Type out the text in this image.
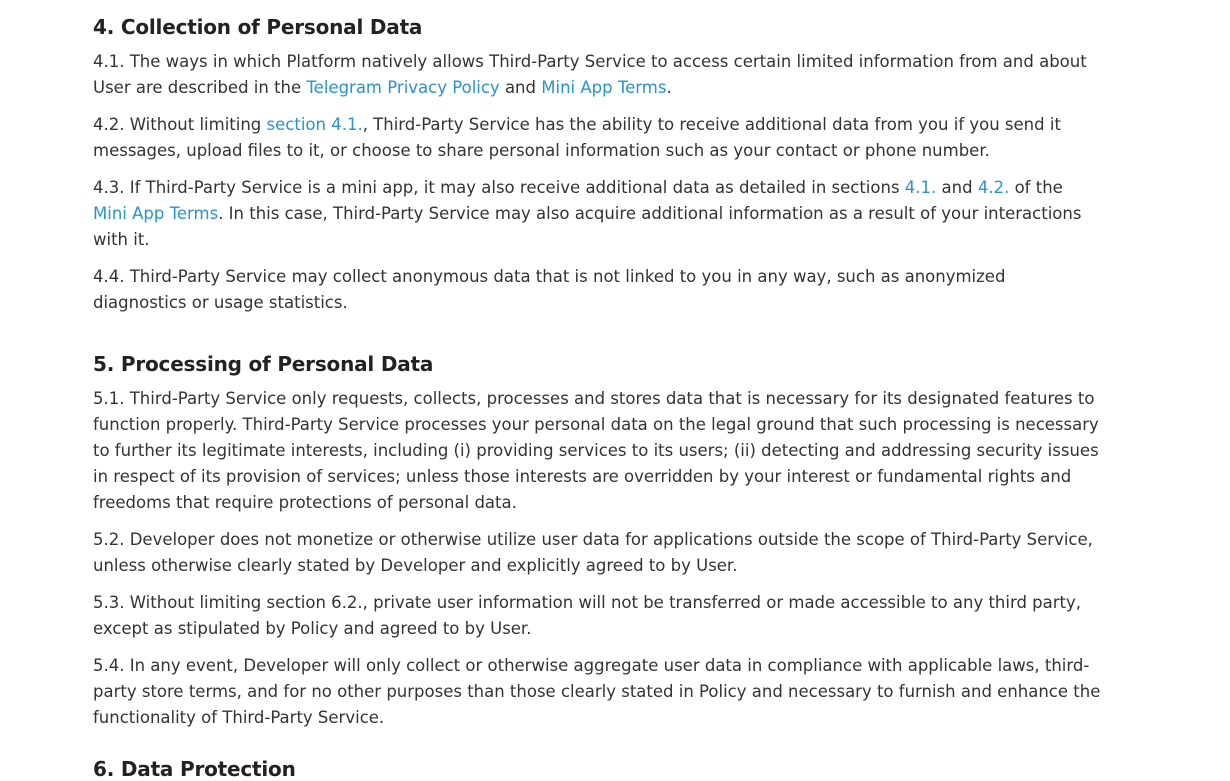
4. Collection of Personal Data

4.1. The ways in which Platform natively allows Third-Party Service to access certain limited information from and about User are described in the Telegram Privacy Policy and Mini App Terms.

4.2. Without limiting section 4.1., Third-Party Service has the ability to receive additional data from you if you send it messages, upload files to it, or choose to share personal information such as your contact or phone number.

4.3. If Third-Party Service is a mini app, it may also receive additional data as detailed in sections 4.1. and 4.2. of the Mini App Terms. In this case, Third-Party Service may also acquire additional information as a result of your interactions with it.

4.4. Third-Party Service may collect anonymous data that is not linked to you in any way, such as anonymized diagnostics or usage statistics.

5. Processing of Personal Data

5.1. Third-Party Service only requests, collects, processes and stores data that is necessary for its designated features to function properly. Third-Party Service processes your personal data on the legal ground that such processing is necessary to further its legitimate interests, including (i) providing services to its users; (ii) detecting and addressing security issues in respect of its provision of services; unless those interests are overridden by your interest or fundamental rights and freedoms that require protections of personal data.

5.2. Developer does not monetize or otherwise utilize user data for applications outside the scope of Third-Party Service, unless otherwise clearly stated by Developer and explicitly agreed to by User.

5.3. Without limiting section 6.2., private user information will not be transferred or made accessible to any third party, except as stipulated by Policy and agreed to by User.

5.4. In any event, Developer will only collect or otherwise aggregate user data in compliance with applicable laws, third-party store terms, and for no other purposes than those clearly stated in Policy and necessary to furnish and enhance the functionality of Third-Party Service.

6. Data Protection
